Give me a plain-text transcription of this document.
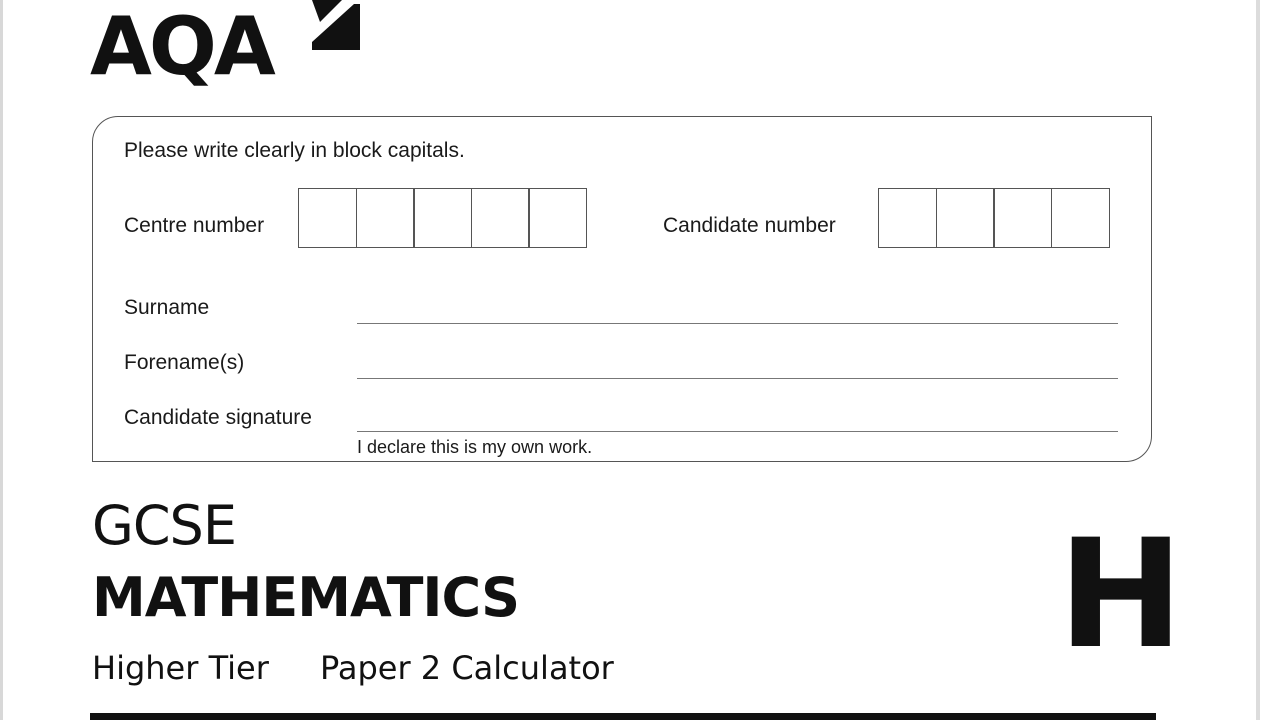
AQA
Please write clearly in block capitals.
Centre number	Candidate number
Surname
Forename(s)
Candidate signature
I declare this is my own work.
GCSE
MATHEMATICS
Higher Tier Paper 2 Calculator	H
